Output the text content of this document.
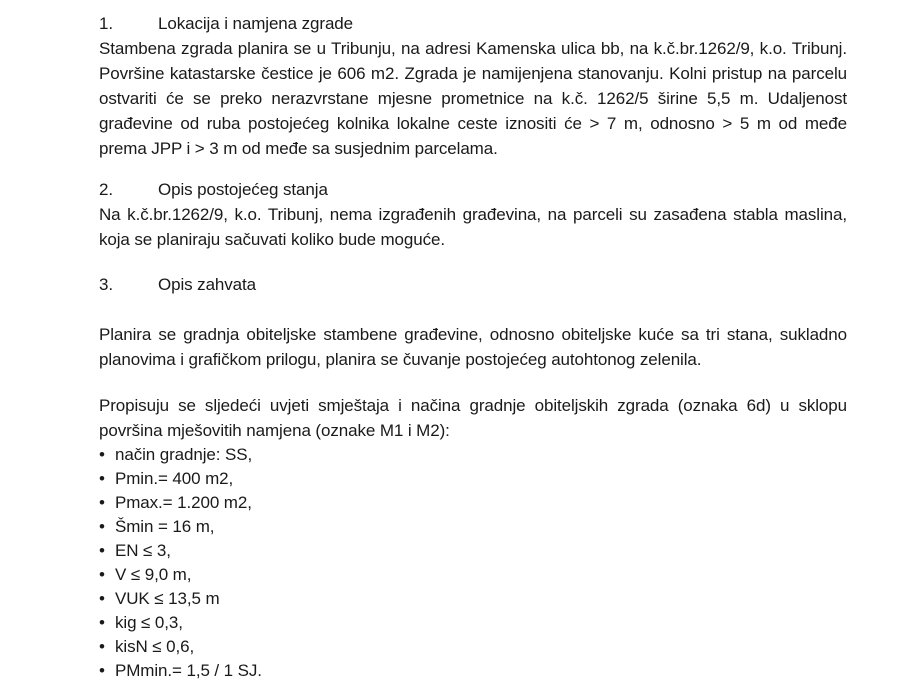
1.	Lokacija i namjena zgrade

Stambena zgrada planira se u Tribunju, na adresi Kamenska ulica bb, na k.č.br.1262/9, k.o. Tribunj. Površine katastarske čestice je 606 m2. Zgrada je namijenjena stanovanju. Kolni pristup na parcelu ostvariti će se preko nerazvrstane mjesne prometnice na k.č. 1262/5 širine 5,5 m. Udaljenost građevine od ruba postojećeg kolnika lokalne ceste iznositi će > 7 m, odnosno > 5 m od međe prema JPP i > 3 m od međe sa susjednim parcelama.

2.	Opis postojećeg stanja

Na k.č.br.1262/9, k.o. Tribunj, nema izgrađenih građevina, na parceli su zasađena stabla maslina, koja se planiraju sačuvati koliko bude moguće.

3.	Opis zahvata

Planira se gradnja obiteljske stambene građevine, odnosno obiteljske kuće sa tri stana, sukladno planovima i grafičkom prilogu, planira se čuvanje postojećeg autohtonog zelenila.

Propisuju se sljedeći uvjeti smještaja i načina gradnje obiteljskih zgrada (oznaka 6d) u sklopu površina mješovitih namjena (oznake M1 i M2):

• način gradnje: SS,
• Pmin.= 400 m2,
• Pmax.= 1.200 m2,
• Šmin = 16 m,
• EN ≤ 3,
• V ≤ 9,0 m,
• VUK ≤ 13,5 m
• kig ≤ 0,3,
• kisN ≤ 0,6,
• PMmin.= 1,5 / 1 SJ.
